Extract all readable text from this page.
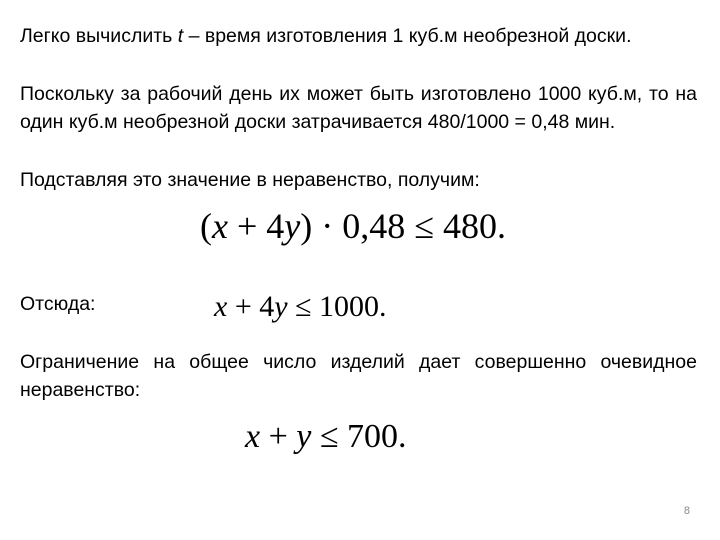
Легко вычислить t – время изготовления 1 куб.м необрезной доски.
Поскольку за рабочий день их может быть изготовлено 1000 куб.м, то на один куб.м необрезной доски затрачивается 480/1000 = 0,48 мин.
Подставляя это значение в неравенство, получим:
(x + 4y) · 0,48 ≤ 480.
Отсюда:	x + 4y ≤ 1000.
Ограничение на общее число изделий дает совершенно очевидное неравенство:
x + y ≤ 700.
8
